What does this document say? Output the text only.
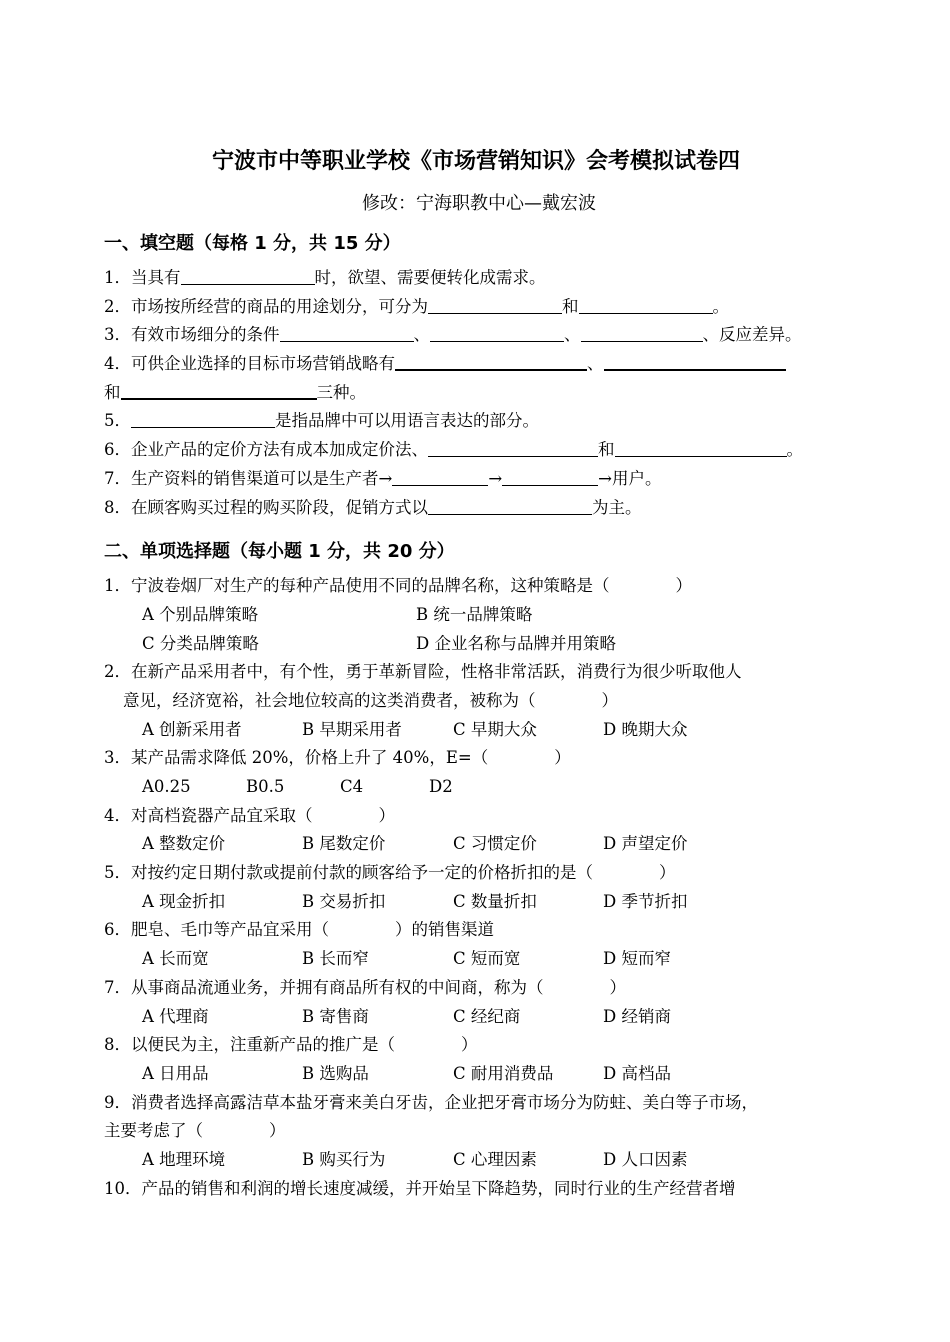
宁波市中等职业学校《市场营销知识》会考模拟试卷四
修改：宁海职教中心—戴宏波
一、填空题（每格 1 分，共 15 分）
1．当具有	时，欲望、需要便转化成需求。
2．市场按所经营的商品的用途划分，可分为	和	。
3．有效市场细分的条件	、	、	、反应差异。
4．可供企业选择的目标市场营销战略有	、
和	三种。
5．	是指品牌中可以用语言表达的部分。
6．企业产品的定价方法有成本加成定价法、	和	。
7．生产资料的销售渠道可以是生产者→	→	→用户。
8．在顾客购买过程的购买阶段，促销方式以	为主。
二、单项选择题（每小题 1 分，共 20 分）
1．宁波卷烟厂对生产的每种产品使用不同的品牌名称，这种策略是（　　　　）
A 个别品牌策略	B 统一品牌策略
C 分类品牌策略	D 企业名称与品牌并用策略
2．在新产品采用者中，有个性，勇于革新冒险，性格非常活跃，消费行为很少听取他人
意见，经济宽裕，社会地位较高的这类消费者，被称为（　　　　）
A 创新采用者	B 早期采用者	C 早期大众	D 晚期大众
3．某产品需求降低 20%，价格上升了 40%，E=（　　　　）
A0.25	B0.5	C4	D2
4．对高档瓷器产品宜采取（　　　　）
A 整数定价	B 尾数定价	C 习惯定价	D 声望定价
5．对按约定日期付款或提前付款的顾客给予一定的价格折扣的是（　　　　）
A 现金折扣	B 交易折扣	C 数量折扣	D 季节折扣
6．肥皂、毛巾等产品宜采用（　　　　）的销售渠道
A 长而宽	B 长而窄	C 短而宽	D 短而窄
7．从事商品流通业务，并拥有商品所有权的中间商，称为（　　　　）
A 代理商	B 寄售商	C 经纪商	D 经销商
8．以便民为主，注重新产品的推广是（　　　　）
A 日用品	B 选购品	C 耐用消费品	D 高档品
9．消费者选择高露洁草本盐牙膏来美白牙齿，企业把牙膏市场分为防蛀、美白等子市场，
主要考虑了（　　　　）
A 地理环境	B 购买行为	C 心理因素	D 人口因素
10．产品的销售和利润的增长速度减缓，并开始呈下降趋势，同时行业的生产经营者增
